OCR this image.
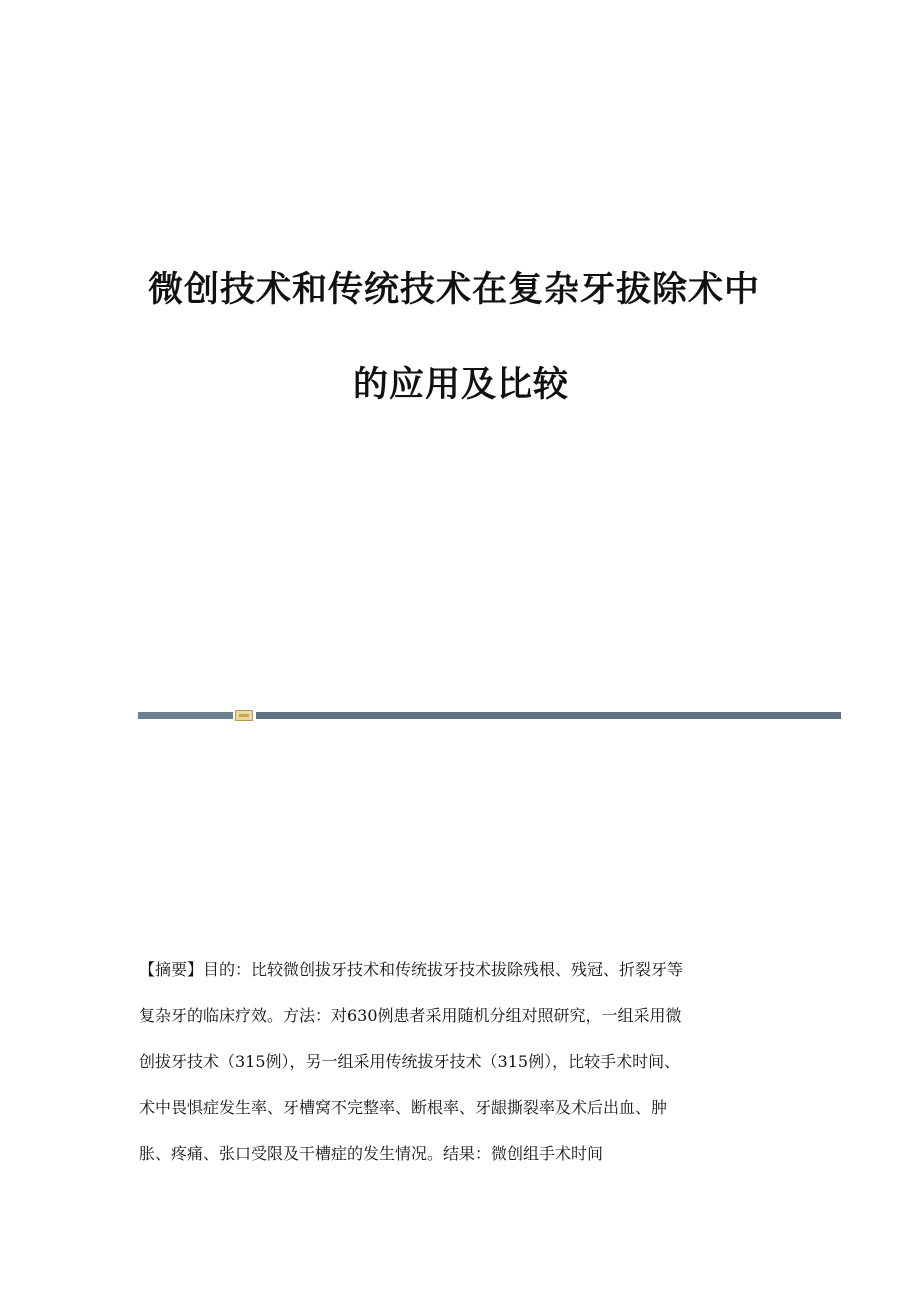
微创技术和传统技术在复杂牙拔除术中
的应用及比较

【摘要】目的：比较微创拔牙技术和传统拔牙技术拔除残根、残冠、折裂牙等

复杂牙的临床疗效。方法：对630例患者采用随机分组对照研究，一组采用微

创拔牙技术（315例），另一组采用传统拔牙技术（315例），比较手术时间、

术中畏惧症发生率、牙槽窝不完整率、断根率、牙龈撕裂率及术后出血、肿

胀、疼痛、张口受限及干槽症的发生情况。结果：微创组手术时间
